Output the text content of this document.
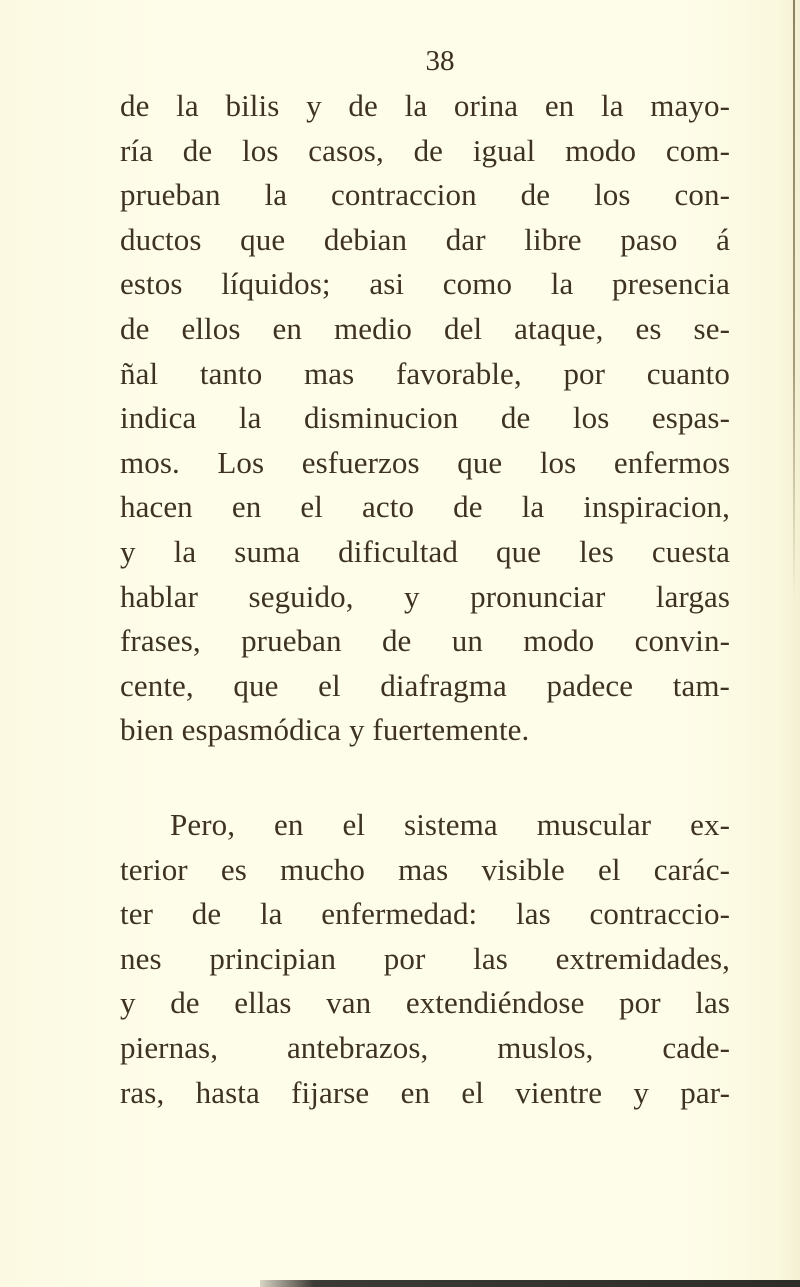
38
de la bilis y de la orina en la mayo-
ría de los casos, de igual modo com-
prueban la contraccion de los con-
ductos que debian dar libre paso á
estos líquidos; asi como la presencia
de ellos en medio del ataque, es se-
ñal tanto mas favorable, por cuanto
indica la disminucion de los espas-
mos. Los esfuerzos que los enfermos
hacen en el acto de la inspiracion,
y la suma dificultad que les cuesta
hablar seguido, y pronunciar largas
frases, prueban de un modo convin-
cente, que el diafragma padece tam-
bien espasmódica y fuertemente.
Pero, en el sistema muscular ex-
terior es mucho mas visible el carác-
ter de la enfermedad: las contraccio-
nes principian por las extremidades,
y de ellas van extendiéndose por las
piernas, antebrazos, muslos, cade-
ras, hasta fijarse en el vientre y par-
